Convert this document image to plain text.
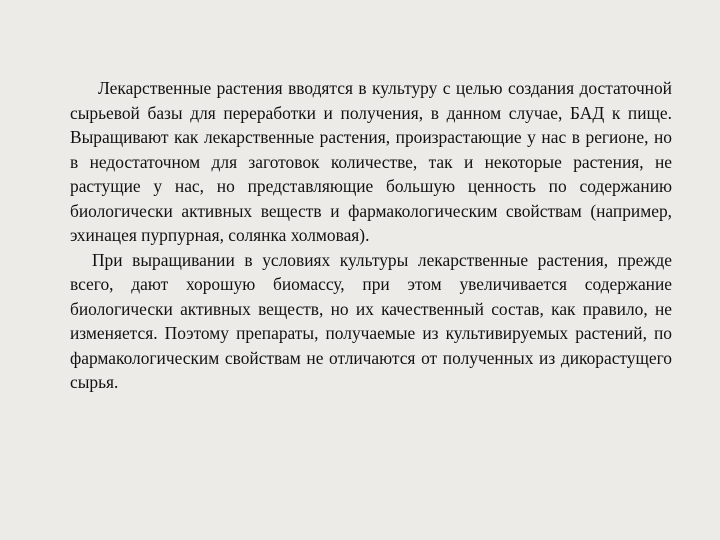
Лекарственные растения вводятся в культуру с целью создания достаточной сырьевой базы для переработки и получения, в данном случае, БАД к пище. Выращивают как лекарственные растения, произрастающие у нас в регионе, но в недостаточном для заготовок количестве, так и некоторые растения, не растущие у нас, но представляющие большую ценность по содержанию биологически активных веществ и фармакологическим свойствам (например, эхинацея пурпурная, солянка холмовая).

При выращивании в условиях культуры лекарственные растения, прежде всего, дают хорошую биомассу, при этом увеличивается содержание биологически активных веществ, но их качественный состав, как правило, не изменяется. Поэтому препараты, получаемые из культивируемых растений, по фармакологическим свойствам не отличаются от полученных из дикорастущего сырья.
